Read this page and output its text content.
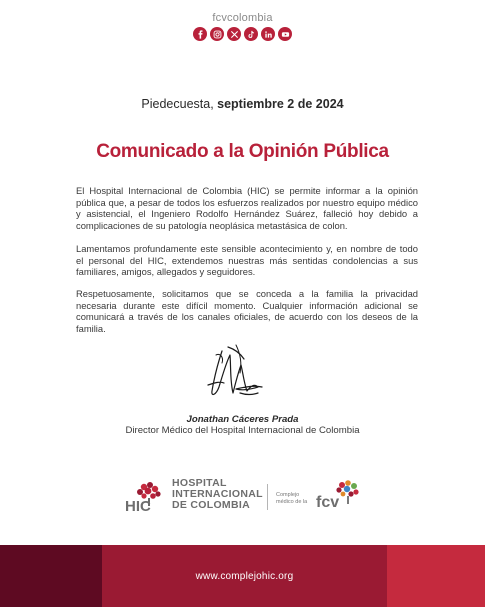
fcvcolombia
Piedecuesta, septiembre 2 de 2024
Comunicado a la Opinión Pública

El Hospital Internacional de Colombia (HIC) se permite informar a la opinión pública que, a pesar de todos los esfuerzos realizados por nuestro equipo médico y asistencial, el Ingeniero Rodolfo Hernández Suárez, falleció hoy debido a complicaciones de su patología neoplásica metastásica de colon.

Lamentamos profundamente este sensible acontecimiento y, en nombre de todo el personal del HIC, extendemos nuestras más sentidas condolencias a sus familiares, amigos, allegados y seguidores.

Respetuosamente, solicitamos que se conceda a la familia la privacidad necesaria durante este difícil momento. Cualquier información adicional se comunicará a través de los canales oficiales, de acuerdo con los deseos de la familia.

Jonathan Cáceres Prada
Director Médico del Hospital Internacional de Colombia
HIC
HOSPITAL
INTERNACIONAL
DE COLOMBIA
Complejo
médico de la fcv
www.complejohic.org
